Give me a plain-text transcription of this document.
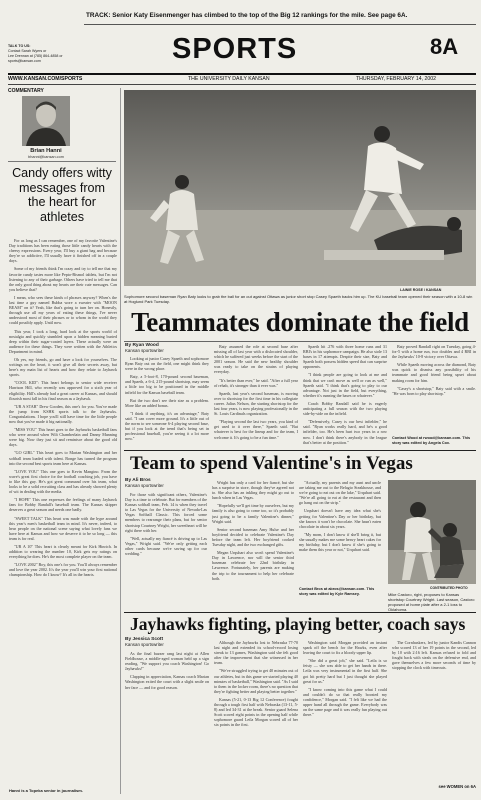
TRACK: Senior Katy Eisenmenger has climbed to the top of the Big 12 rankings for the mile. See page 6A.
TALK TO US:
Contact Sarah Wyers or
Lee Drennan at (785) 864-4858 or sports@kansan.com	SPORTS	8A
WWW.KANSAN.COM/SPORTS	THE UNIVERSITY DAILY KANSAN	THURSDAY, FEBRUARY 14, 2002
COMMENTARY
Brian Hanni
bhanni@kansan.com
Candy offers witty messages from the heart for athletes

For as long as I can remember, one of my favorite Valentine's Day traditions has been eating those little candy hearts with the cheesy expressions. Every year, I'll buy a giant bag and because they're so addictive, I'll usually have it finished off in a couple days.

Some of my friends think I'm crazy and try to tell me that my favorite candy tastes more like Pepto-Bismol tablets, but I'm not listening to any of their garbage. Others have tried to tell me that the only good thing about my hearts are their cute messages. Can you believe that?

I mean, who sees these kinds of phrases anyway? When's the last time a guy named Bubba wore a sweater with "MOON BEAM" on it? Yeah, like that's going to turn her on. Honestly, through use all my years of eating these things, I've never understood most of their phrases or to whom in the world they could possibly apply. Until now.

This year, I took a long, hard look at the sports world of nostalgia and quickly stumbled upon a hidden meaning buried deep within their sugar-coated layers. These actually were an audience for these things. They were written with the Athletics Department in mind.

Oh yes, my friends, go and have a look for yourselves. The writings on the heart, it won't give all their secrets away, but here's my main list of hearts and how they relate to Jayhawk sports.

"COOL KID": This heart belongs to senior wide receiver Harrison Hill, who recently was approved for a sixth year of eligibility. Hill's already had a great career at Kansas, and should flourish most fall in his final season as a Jayhawk.

"UR A STAR" Drew Gooden, this one's for you. You've made the jump from KSHK sports talk to the Jayhawks. Congratulations. I hope you'll still have time for the little people now that you've made it big nationally.

"MISS YOU" This heart goes to the Jayhawks basketball fans who were around when Wilt Chamberlain and Danny Manning were big. Now they just sit and reminisce about the good old days.

"GO GIRL" This heart goes to Marian Washington and her softball team loaded with talent. Bonge has turned the program into the second best sports team here at Kansas.

"LOVE YOU" This one goes to Kevin Mangino. From the wave's great first choice for the football coaching job, you have to like this guy. He's got great command over his team, what looks to be a solid recruiting class and has already showed plenty of wit in dealing with the media.

"I HOPE" This one expresses the feelings of many Jayhawk fans for Bobby Randall's baseball team. The Kansas skipper deserves a great season and needs one badly.

"SWEET TALK" This heart was made with the hype around this year's men's basketball team in mind. It's never, indeed, to hear people on the national scene saying what lovely fans we have here at Kansas and how we deserve it to be so long — this team is for real.

"UR A 10" This heart is clearly meant for Kirk Hinrich. In addition to wearing the number 10, Kirk gets my ratings on everything he does. He's the most complete player on the team.

"LOVE 2002" Boy, this one's for you. You'll always remember and love the year 2002. It's the year you'll win your first national championship. How do I know? It's all in the hearts.

Hanni is a Topeka senior in journalism.
LAINIE ROSE / KANSAN
Sophomore second baseman Ryan Baty looks to grab the ball for an out against Ottawa as junior short stop Casey Spaeth backs him up. The KU baseball team opened their season with a 10-8 win at Hoglund Park Tuesday.
Teammates dominate the field
By Ryan Wood
Kansan sportswriter

Looking at junior Casey Spaeth and sophomore Ryan Baty out on the field, one might think they were in the wrong place.

Baty, a 5-foot-8, 170-pound second baseman, and Spaeth, a 6-4, 215-pound shortstop, may seem a little too big to be positioned in the middle infield for the Kansas baseball team.

But the two don't see their size as a problem. More like an added bonus.

"I think if anything, it's an advantage," Baty said. "I can cover more ground. It's a little out of the norm to see someone 6-4 playing second base, but if you look at the trend that's being set in professional baseball, you're seeing it a lot more now."

Baty assumed the role at second base after missing all of last year with a dislocated shoulder, which he suffered just weeks before the start of the 2001 season. He said the new healthy shoulder was ready to take on the strains of playing everyday.

"It's better than ever," he said. "After a full year of rehab, it's stronger than it ever was."

Spaeth, last year's second baseman, is moving over to shortstop for the first time in his collegiate career. Julius Nelson, the starting shortstop for the last four years, is now playing professionally in the St. Louis Cardinals organization.

"Playing second the last two years, you kind of get used to it over there," Spaeth said. "But whatever is best for the lineup and for the team, I welcome it. It's going to be a fun time."

Spaeth hit .276 with three home runs and 31 RBI's in his sophomore campaign. He also stole 13 bases in 17 attempts. Despite their size, Baty and Spaeth both possess hidden speed that can surprise opponents.

"I think people are going to look at me and think that we can't move as well or run as well," Spaeth said. "I think that's going to play to our advantage. Not just in the field, but everything, whether it's running the bases or whatever."

Coach Bobby Randall said he is eagerly anticipating a full season with the two playing side-by-side on the infield.

"Defensively, Casey is our best infielder," he said. "Ryan works really hard, and he's a good infielder, too. He's been hurt two years in a row now. I don't think there's anybody in the league that's better at the position."

Baty proved Randall right on Tuesday, going 4-for-5 with a home run, two doubles and 4 RBI in the Jayhawks' 10-8 victory over Ottawa.

While Spaeth moving across the diamond, Baty was quick to dismiss any possibility of his teammate and good friend being upset about making room for him.

"Casey's a shortstop," Baty said with a smile. "He was born to play shortstop."

Contact Wood at rwood@kansan.com. This story was edited by Angela Cox.
Team to spend Valentine's in Vegas
By Ali Bros
Kansan sportswriter

For those with significant others, Valentine's Day is a time to celebrate. But for members of the Kansas softball team, Feb. 14 is when they travel to Las Vegas for the University of Nevada-Las Vegas Softball Classic. This forced some members to rearrange their plans, but for senior shortstop Courtney Wright, her sweetheart will be right there with her.

"Well, actually my fiancé is driving up to Las Vegas," Wright said. "We're only getting each other cards because we're saving up for our wedding."

Wright has only a card for her fiancé, but she has a surprise in store, though they've agreed not to. She also has an inkling they might go out to lunch when in Las Vegas.

"Hopefully we'll get time by ourselves, but my family is also going to come too, so it's probably just going to be a family Valentine's dinner," Wright said.

Senior second baseman Amy Hulse and her boyfriend decided to celebrate Valentine's Day before the team left. Her boyfriend cooked Tuesday night, and the two exchanged gifts.

Megan Urquhart also won't spend Valentine's Day in Lawrence, nor will the senior third baseman celebrate her 22nd birthday in Lawrence. Fortunately, her parents are making the trip to the tournament to help her celebrate both.

"Actually, my parents and my aunt and uncle are taking me out to the Belagio Steakhouse, and we're going to eat out on the lake," Urquhart said. "We're all going to eat at the restaurant and then go hang out on the strip."

Urquhart doesn't have any idea what she's getting for Valentine's Day or her birthday, but she knows it won't be chocolate. She hasn't eaten chocolate in about six years.

"My mom, I don't know if she'll bring it, but she usually makes me some heavy heart cakes for my birthday, but I don't know if she's going to make them this year or not," Urquhart said.

Contact Bros at abros@kansan.com. This story was edited by Kyle Ramsey.
CONTRIBUTED PHOTO
Mike Castoro, right, proposes to Kansas shortstop Courtney Wright. Last season, Castoro proposed at home plate after a 2-1 loss to Oklahoma.
Jayhawks fighting, playing better, coach says
By Jessica Scott
Kansan sportswriter

As the final buzzer rang last night at Allen Fieldhouse, a middle-aged woman held up a sign reading, "We support you coach Washington! Go Jayhawks!"

Clapping in appreciation, Kansas coach Marian Washington exited the court with a slight smile on her face — and for good reason.

Although the Jayhawks lost to Nebraska 77-70 last night and extended its school-record losing streak to 13 games, Washington said she felt good after the improvement that she witnessed in her team.

"We've struggled trying to get 40 minutes out of our athletes, but in this game we started playing 40 minutes of basketball," Washington said. "As I said to them in the locker room, there's no question that they're fighting better and playing better together."

Kansas (5-21, 0-13 Big 12 Conference) fought through a tough first half with Nebraska (13-11, 5-8) and led 34-31 at the break. Senior guard Selena Scott scored eight points in the opening half while sophomore guard Leila Morgan scored all of her six points in the first.

Washington said Morgan provided an instant spark off the bench for the Hawks, even after leaving the court to fix a bloody upper lip.

"She did a great job," she said. "Leila is so feisty — she was able to get her hands in there. Leila was very instrumental in the first half. She got hit pretty hard but I just thought she played great for us."

"I know coming into this game what I could and couldn't do so that really boosted my confidence," Morgan said. "I felt like we had the upper hand all through the game. Everybody was on the same page and it was really fun playing out there."

The Cornhuskers, led by junior Kandis Cannon who scored 13 of her 19 points in the second, led by 10 with 2:16 left. Kansas refused to fold and fought back with steals on the defensive end, and gave themselves a few more seconds of time by stopping the clock with timeouts.

see WOMEN on 6A
